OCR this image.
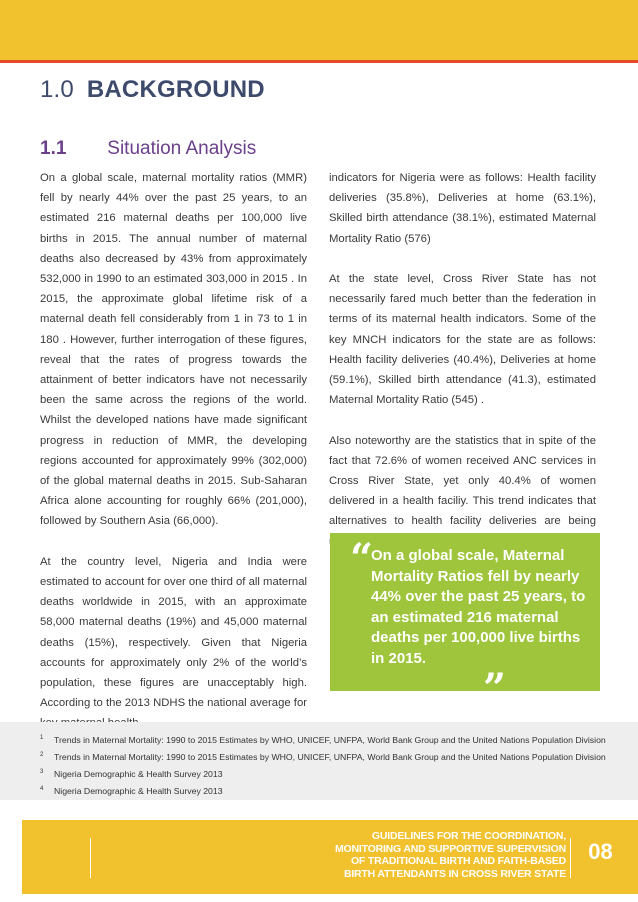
1.0 BACKGROUND
1.1 Situation Analysis

On a global scale, maternal mortality ratios (MMR) fell by nearly 44% over the past 25 years, to an estimated 216 maternal deaths per 100,000 live births in 2015. The annual number of maternal deaths also decreased by 43% from approximately 532,000 in 1990 to an estimated 303,000 in 2015 . In 2015, the approximate global lifetime risk of a maternal death fell considerably from 1 in 73 to 1 in 180 . However, further interrogation of these figures, reveal that the rates of progress towards the attainment of better indicators have not necessarily been the same across the regions of the world. Whilst the developed nations have made significant progress in reduction of MMR, the developing regions accounted for approximately 99% (302,000) of the global maternal deaths in 2015. Sub-Saharan Africa alone accounting for roughly 66% (201,000), followed by Southern Asia (66,000).

At the country level, Nigeria and India were estimated to account for over one third of all maternal deaths worldwide in 2015, with an approximate 58,000 maternal deaths (19%) and 45,000 maternal deaths (15%), respectively. Given that Nigeria accounts for approximately only 2% of the world’s population, these figures are unacceptably high. According to the 2013 NDHS the national average for

indicators for Nigeria were as follows: Health facility deliveries (35.8%), Deliveries at home (63.1%), Skilled birth attendance (38.1%), estimated Maternal Mortality Ratio (576)

At the state level, Cross River State has not necessarily fared much better than the federation in terms of its maternal health indicators. Some of the key MNCH indicators for the state are as follows: Health facility deliveries (40.4%), Deliveries at home (59.1%), Skilled birth attendance (41.3), estimated Maternal Mortality Ratio (545) .

Also noteworthy are the statistics that in spite of the fact that 72.6% of women received ANC services in Cross River State, yet only 40.4% of women delivered in a health faciliy. This trend indicates that alternatives to health facility deliveries are being

“
On a global scale, Maternal Mortality Ratios fell by nearly 44% over the past 25 years, to an estimated 216 maternal deaths per 100,000 live births in 2015.
”
1 Trends in Maternal Mortality: 1990 to 2015 Estimates by WHO, UNICEF, UNFPA, World Bank Group and the United Nations Population Division
2 Trends in Maternal Mortality: 1990 to 2015 Estimates by WHO, UNICEF, UNFPA, World Bank Group and the United Nations Population Division
3 Nigeria Demographic & Health Survey 2013
4 Nigeria Demographic & Health Survey 2013
GUIDELINES FOR THE COORDINATION, MONITORING AND SUPPORTIVE SUPERVISION OF TRADITIONAL BIRTH AND FAITH-BASED BIRTH ATTENDANTS IN CROSS RIVER STATE
08
